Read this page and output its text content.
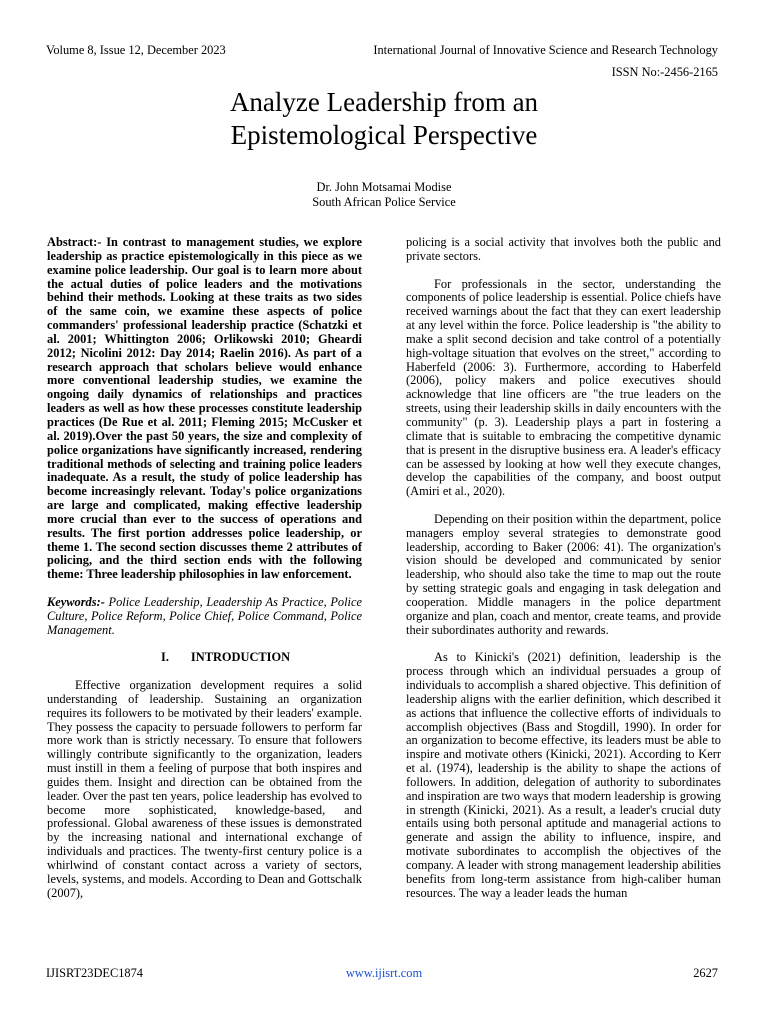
Volume 8, Issue 12, December 2023	International Journal of Innovative Science and Research Technology
ISSN No:-2456-2165
Analyze Leadership from an
Epistemological Perspective
Dr. John Motsamai Modise
South African Police Service

Abstract:- In contrast to management studies, we explore leadership as practice epistemologically in this piece as we examine police leadership. Our goal is to learn more about the actual duties of police leaders and the motivations behind their methods. Looking at these traits as two sides of the same coin, we examine these aspects of police commanders' professional leadership practice (Schatzki et al. 2001; Whittington 2006; Orlikowski 2010; Gheardi 2012; Nicolini 2012: Day 2014; Raelin 2016). As part of a research approach that scholars believe would enhance more conventional leadership studies, we examine the ongoing daily dynamics of relationships and practices leaders as well as how these processes constitute leadership practices (De Rue et al. 2011; Fleming 2015; McCusker et al. 2019).Over the past 50 years, the size and complexity of police organizations have significantly increased, rendering traditional methods of selecting and training police leaders inadequate. As a result, the study of police leadership has become increasingly relevant. Today's police organizations are large and complicated, making effective leadership more crucial than ever to the success of operations and results. The first portion addresses police leadership, or theme 1. The second section discusses theme 2 attributes of policing, and the third section ends with the following theme: Three leadership philosophies in law enforcement.

Keywords:- Police Leadership, Leadership As Practice, Police Culture, Police Reform, Police Chief, Police Command, Police Management.

I. INTRODUCTION

Effective organization development requires a solid understanding of leadership. Sustaining an organization requires its followers to be motivated by their leaders' example. They possess the capacity to persuade followers to perform far more work than is strictly necessary. To ensure that followers willingly contribute significantly to the organization, leaders must instill in them a feeling of purpose that both inspires and guides them. Insight and direction can be obtained from the leader. Over the past ten years, police leadership has evolved to become more sophisticated, knowledge-based, and professional. Global awareness of these issues is demonstrated by the increasing national and international exchange of individuals and practices. The twenty-first century police is a whirlwind of constant contact across a variety of sectors, levels, systems, and models. According to Dean and Gottschalk (2007),

policing is a social activity that involves both the public and private sectors.

For professionals in the sector, understanding the components of police leadership is essential. Police chiefs have received warnings about the fact that they can exert leadership at any level within the force. Police leadership is "the ability to make a split second decision and take control of a potentially high-voltage situation that evolves on the street," according to Haberfeld (2006: 3). Furthermore, according to Haberfeld (2006), policy makers and police executives should acknowledge that line officers are "the true leaders on the streets, using their leadership skills in daily encounters with the community" (p. 3). Leadership plays a part in fostering a climate that is suitable to embracing the competitive dynamic that is present in the disruptive business era. A leader's efficacy can be assessed by looking at how well they execute changes, develop the capabilities of the company, and boost output (Amiri et al., 2020).

Depending on their position within the department, police managers employ several strategies to demonstrate good leadership, according to Baker (2006: 41). The organization's vision should be developed and communicated by senior leadership, who should also take the time to map out the route by setting strategic goals and engaging in task delegation and cooperation. Middle managers in the police department organize and plan, coach and mentor, create teams, and provide their subordinates authority and rewards.

As to Kinicki's (2021) definition, leadership is the process through which an individual persuades a group of individuals to accomplish a shared objective. This definition of leadership aligns with the earlier definition, which described it as actions that influence the collective efforts of individuals to accomplish objectives (Bass and Stogdill, 1990). In order for an organization to become effective, its leaders must be able to inspire and motivate others (Kinicki, 2021). According to Kerr et al. (1974), leadership is the ability to shape the actions of followers. In addition, delegation of authority to subordinates and inspiration are two ways that modern leadership is growing in strength (Kinicki, 2021). As a result, a leader's crucial duty entails using both personal aptitude and managerial actions to generate and assign the ability to influence, inspire, and motivate subordinates to accomplish the objectives of the company. A leader with strong management leadership abilities benefits from long-term assistance from high-caliber human resources. The way a leader leads the human

IJISRT23DEC1874	www.ijisrt.com	2627
